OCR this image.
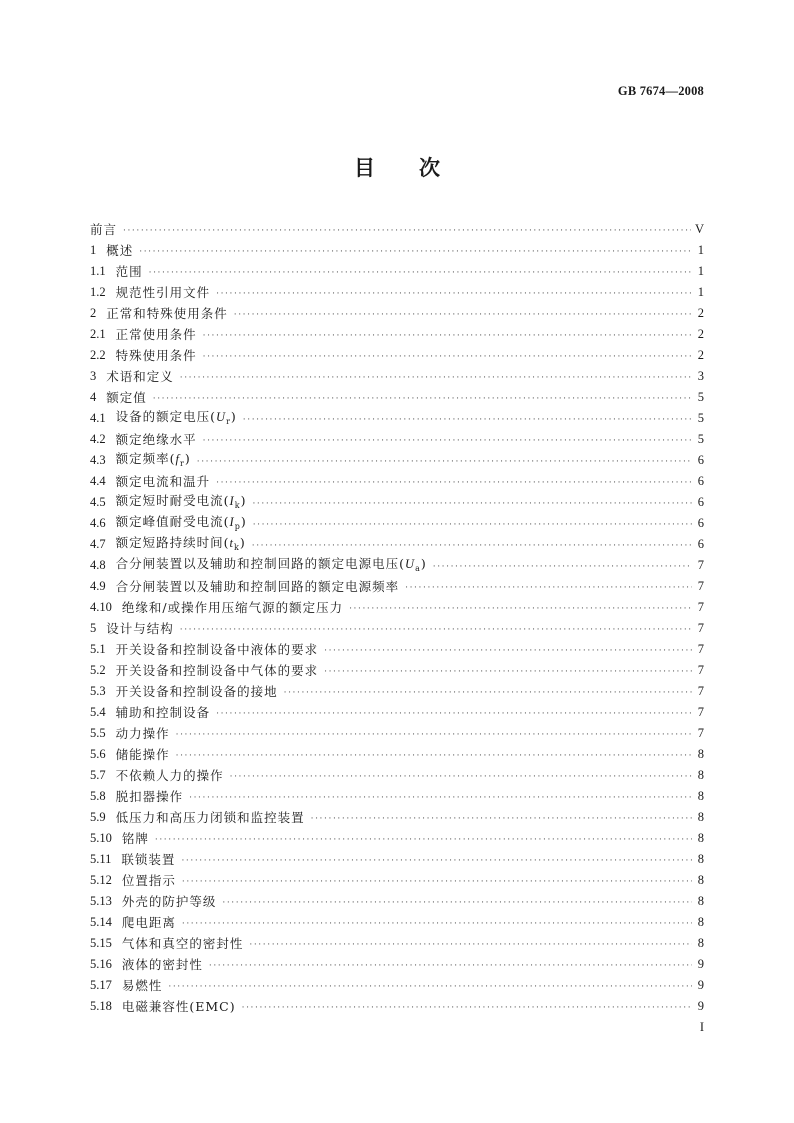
GB 7674—2008
目 次
前言 ·····	V
1 概述 ·····	1
1.1 范围 ·····	1
1.2 规范性引用文件 ·····	1
2 正常和特殊使用条件 ·····	2
2.1 正常使用条件 ·····	2
2.2 特殊使用条件 ·····	2
3 术语和定义 ·····	3
4 额定值 ·····	5
4.1 设备的额定电压$(U_r)$ ·····	5
4.2 额定绝缘水平 ·····	5
4.3 额定频率$(f_r)$ ·····	6
4.4 额定电流和温升 ·····	6
4.5 额定短时耐受电流$(I_k)$ ·····	6
4.6 额定峰值耐受电流$(I_p)$ ·····	6
4.7 额定短路持续时间$(t_k)$ ·····	6
4.8 合分闸装置以及辅助和控制回路的额定电源电压$(U_a)$ ·····	7
4.9 合分闸装置以及辅助和控制回路的额定电源频率 ·····	7
4.10 绝缘和/或操作用压缩气源的额定压力 ·····	7
5 设计与结构 ·····	7
5.1 开关设备和控制设备中液体的要求 ·····	7
5.2 开关设备和控制设备中气体的要求 ·····	7
5.3 开关设备和控制设备的接地 ·····	7
5.4 辅助和控制设备 ·····	7
5.5 动力操作 ·····	7
5.6 储能操作 ·····	8
5.7 不依赖人力的操作 ·····	8
5.8 脱扣器操作 ·····	8
5.9 低压力和高压力闭锁和监控装置 ·····	8
5.10 铭牌 ·····	8
5.11 联锁装置 ·····	8
5.12 位置指示 ·····	8
5.13 外壳的防护等级 ·····	8
5.14 爬电距离 ·····	8
5.15 气体和真空的密封性 ·····	8
5.16 液体的密封性 ·····	9
5.17 易燃性 ·····	9
5.18 电磁兼容性(EMC) ·····	9
I
